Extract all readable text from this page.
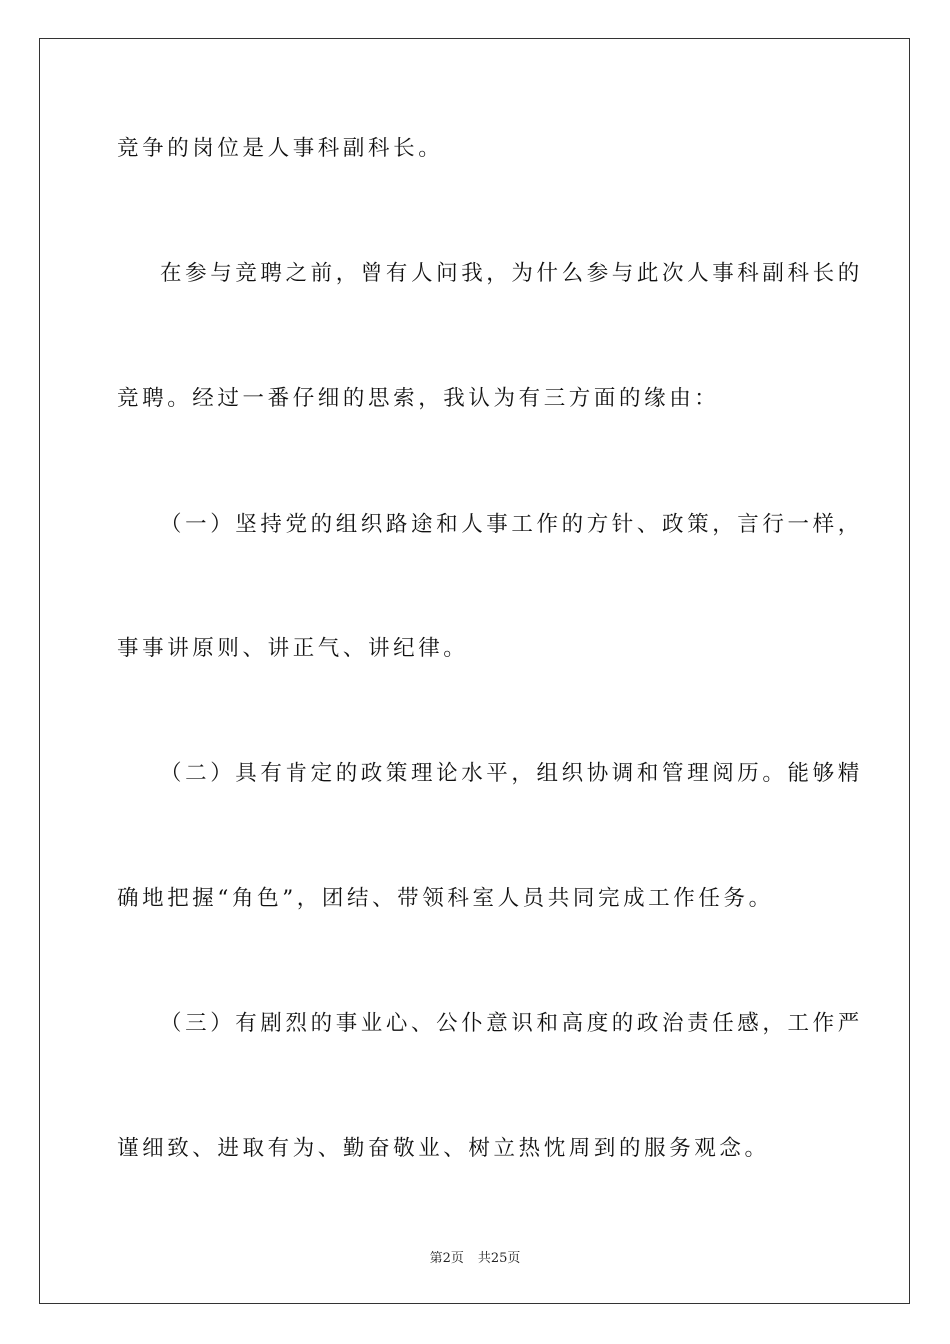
竞争的岗位是人事科副科长。
在参与竞聘之前，曾有人问我，为什么参与此次人事科副科长的
竞聘。经过一番仔细的思索，我认为有三方面的缘由：
（一）坚持党的组织路途和人事工作的方针、政策，言行一样，
事事讲原则、讲正气、讲纪律。
（二）具有肯定的政策理论水平，组织协调和管理阅历。能够精
确地把握“角色”，团结、带领科室人员共同完成工作任务。
（三）有剧烈的事业心、公仆意识和高度的政治责任感，工作严
谨细致、进取有为、勤奋敬业、树立热忱周到的服务观念。
第2页 共25页
